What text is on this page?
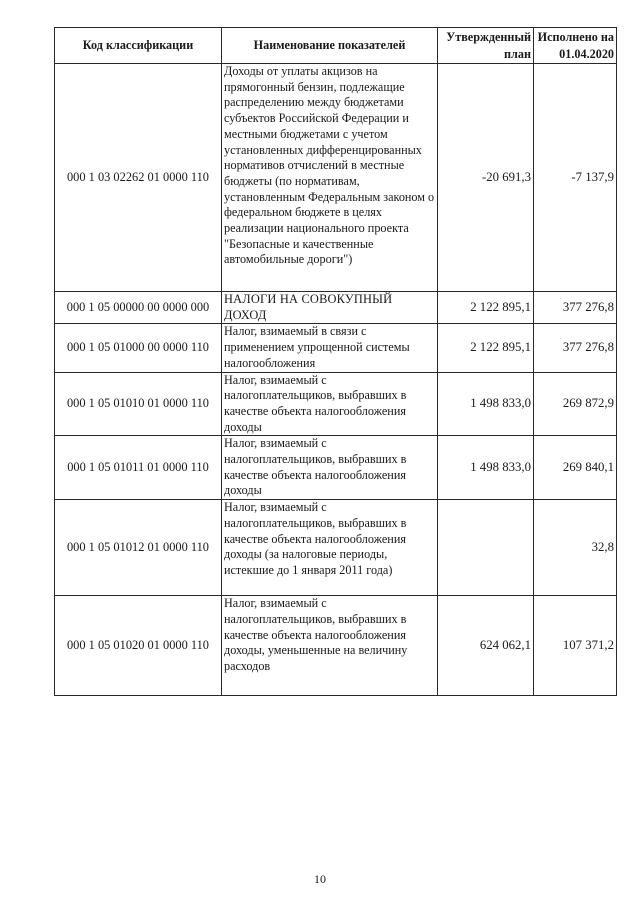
Код классификации	Наименование показателей	Утвержденный план	Исполнено на 01.04.2020
000 1 03 02262 01 0000 110	Доходы от уплаты акцизов на прямогонный бензин, подлежащие распределению между бюджетами субъектов Российской Федерации и местными бюджетами с учетом установленных дифференцированных нормативов отчислений в местные бюджеты (по нормативам, установленным Федеральным законом о федеральном бюджете в целях реализации национального проекта "Безопасные и качественные автомобильные дороги")	-20 691,3	-7 137,9
000 1 05 00000 00 0000 000	НАЛОГИ НА СОВОКУПНЫЙ ДОХОД	2 122 895,1	377 276,8
000 1 05 01000 00 0000 110	Налог, взимаемый в связи с применением упрощенной системы налогообложения	2 122 895,1	377 276,8
000 1 05 01010 01 0000 110	Налог, взимаемый с налогоплательщиков, выбравших в качестве объекта налогообложения доходы	1 498 833,0	269 872,9
000 1 05 01011 01 0000 110	Налог, взимаемый с налогоплательщиков, выбравших в качестве объекта налогообложения доходы	1 498 833,0	269 840,1
000 1 05 01012 01 0000 110	Налог, взимаемый с налогоплательщиков, выбравших в качестве объекта налогообложения доходы (за налоговые периоды, истекшие до 1 января 2011 года)		32,8
000 1 05 01020 01 0000 110	Налог, взимаемый с налогоплательщиков, выбравших в качестве объекта налогообложения доходы, уменьшенные на величину расходов	624 062,1	107 371,2
10
